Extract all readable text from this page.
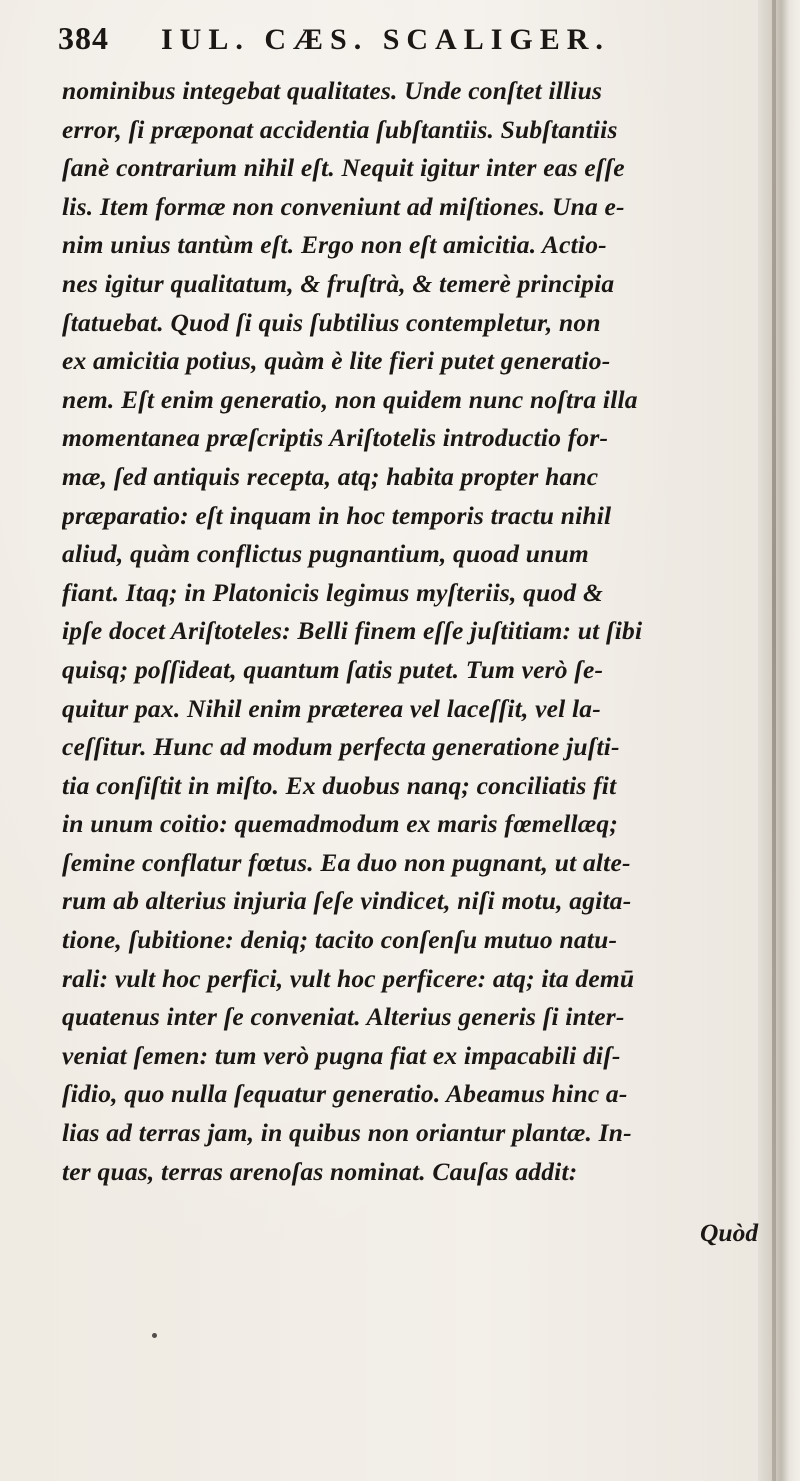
384 IUL. CÆS. SCALIGER.
nominibus integebat qualitates. Unde conſtet illius
error, ſi præponat accidentia ſubſtantiis. Subſtantiis
ſanè contrarium nihil eſt. Nequit igitur inter eas eſſe
lis. Item formæ non conveniunt ad miſtiones. Una e-
nim unius tantùm eſt. Ergo non eſt amicitia. Actio-
nes igitur qualitatum, & fruſtrà, & temerè principia
ſtatuebat. Quod ſi quis ſubtilius contempletur, non
ex amicitia potius, quàm è lite fieri putet generatio-
nem. Eſt enim generatio, non quidem nunc noſtra illa
momentanea præſcriptis Ariſtotelis introductio for-
mæ, ſed antiquis recepta, atq; habita propter hanc
præparatio: eſt inquam in hoc temporis tractu nihil
aliud, quàm conflictus pugnantium, quoad unum
fiant. Itaq; in Platonicis legimus myſteriis, quod &
ipſe docet Ariſtoteles: Belli finem eſſe juſtitiam: ut ſibi
quisq; poſſideat, quantum ſatis putet. Tum verò ſe-
quitur pax. Nihil enim præterea vel laceſſit, vel la-
ceſſitur. Hunc ad modum perfecta generatione juſti-
tia conſiſtit in miſto. Ex duobus nanq; conciliatis fit
in unum coitio: quemadmodum ex maris fœmellæq;
ſemine conflatur fœtus. Ea duo non pugnant, ut alte-
rum ab alterius injuria ſeſe vindicet, niſi motu, agita-
tione, ſubitione: deniq; tacito conſenſu mutuo natu-
rali: vult hoc perfici, vult hoc perficere: atq; ita demū
quatenus inter ſe conveniat. Alterius generis ſi inter-
veniat ſemen: tum verò pugna fiat ex impacabili diſ-
ſidio, quo nulla ſequatur generatio. Abeamus hinc a-
lias ad terras jam, in quibus non oriantur plantæ. In-
ter quas, terras arenoſas nominat. Cauſas addit:
Quòd
